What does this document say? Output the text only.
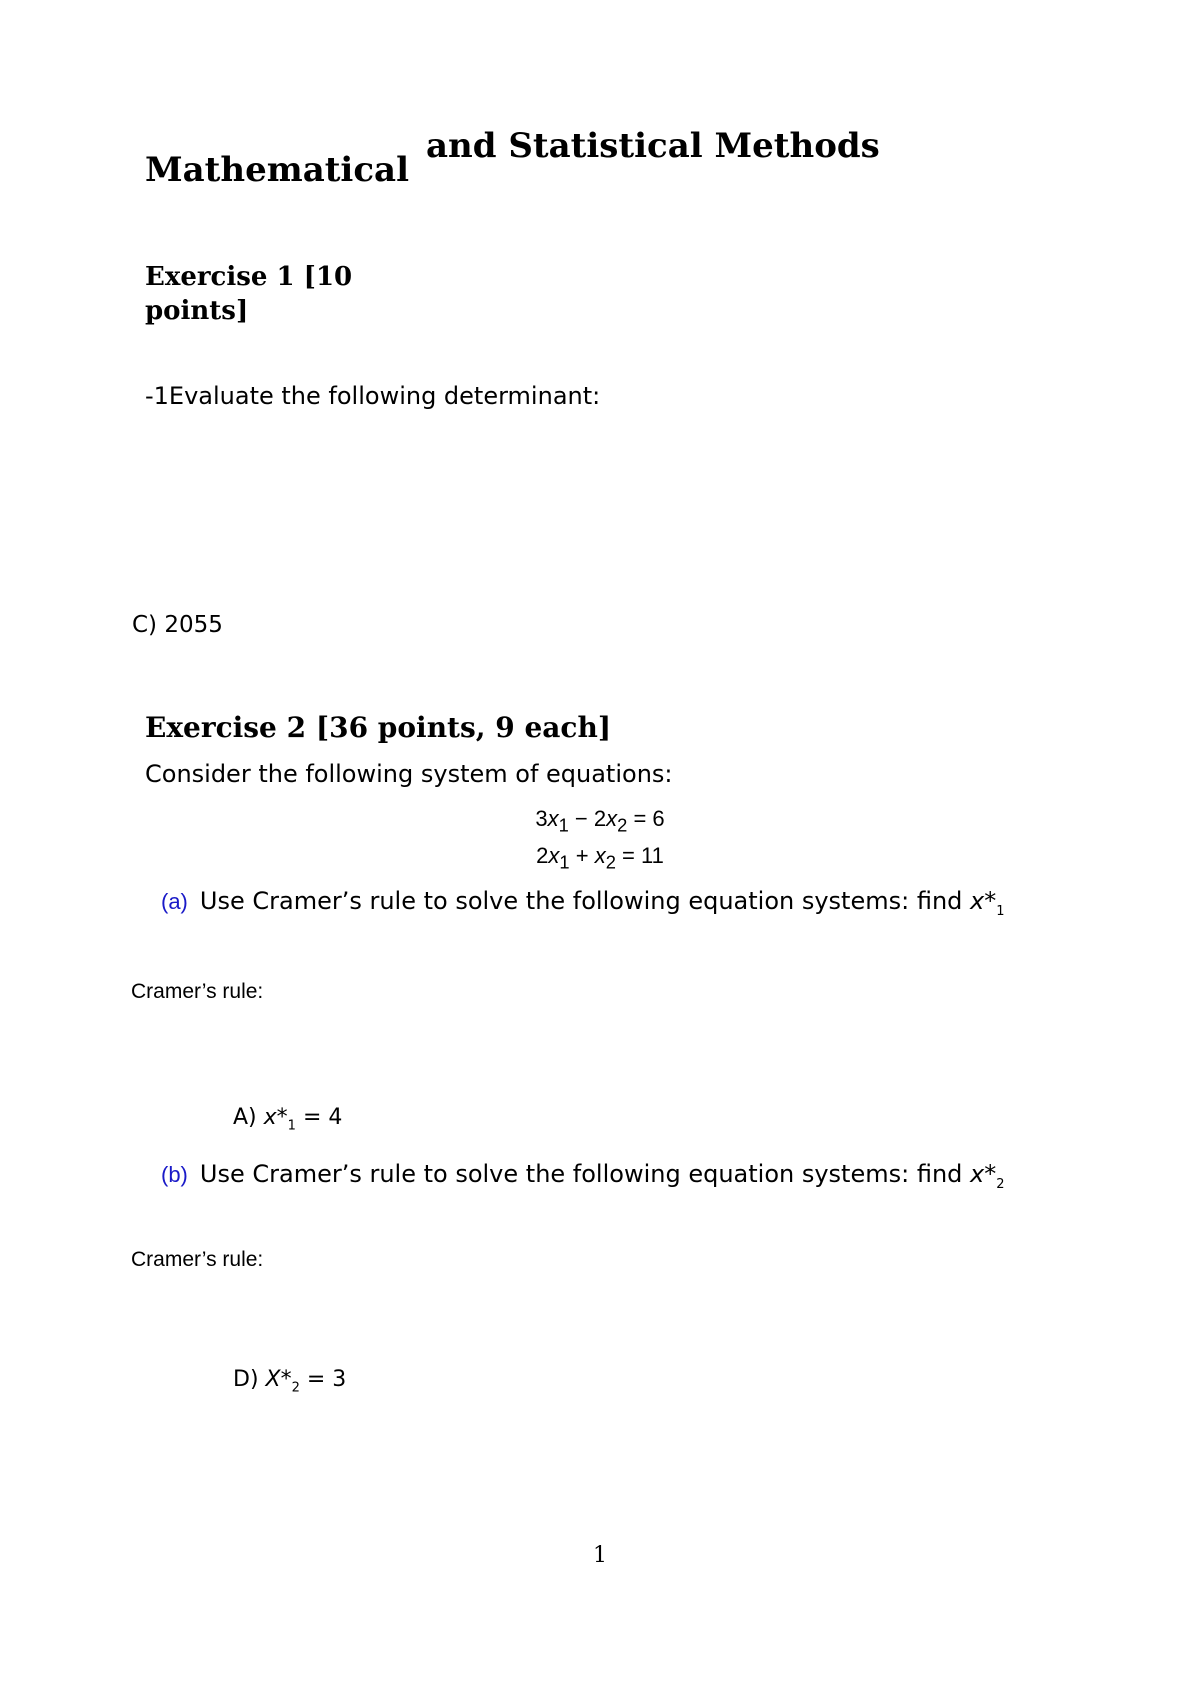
Mathematical
and Statistical Methods
Exercise 1 [10
points]
-1Evaluate the following determinant:
C) 2055
Exercise 2 [36 points, 9 each]
Consider the following system of equations:
$3x_1 - 2x_2 = 6$
$2x_1 + x_2 = 11$
(a) Use Cramer’s rule to solve the following equation systems: find $x*_1$
Cramer’s rule:
A) $x*_1 = 4$
(b) Use Cramer’s rule to solve the following equation systems: find $x*_2$
Cramer’s rule:
D) $X*_2 = 3$
1
